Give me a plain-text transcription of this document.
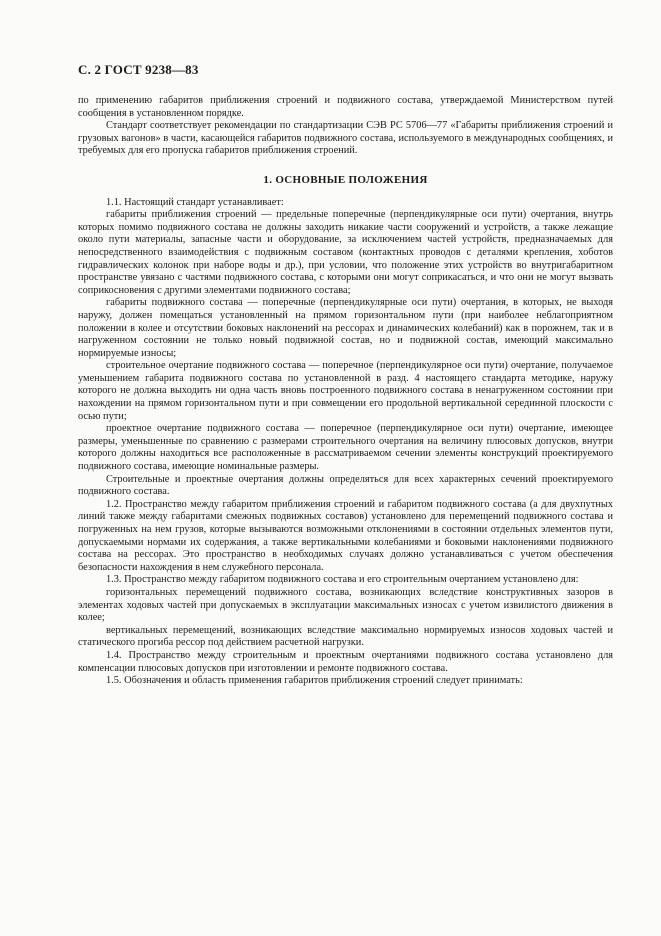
С. 2 ГОСТ 9238—83

по применению габаритов приближения строений и подвижного состава, утверждаемой Министерством путей сообщения в установленном порядке.

Стандарт соответствует рекомендации по стандартизации СЭВ РС 5706—77 «Габариты приближения строений и грузовых вагонов» в части, касающейся габаритов подвижного состава, используемого в международных сообщениях, и требуемых для его пропуска габаритов приближения строений.

1. ОСНОВНЫЕ ПОЛОЖЕНИЯ

1.1. Настоящий стандарт устанавливает:

габариты приближения строений — предельные поперечные (перпендикулярные оси пути) очертания, внутрь которых помимо подвижного состава не должны заходить никакие части сооружений и устройств, а также лежащие около пути материалы, запасные части и оборудование, за исключением частей устройств, предназначаемых для непосредственного взаимодействия с подвижным составом (контактных проводов с деталями крепления, хоботов гидравлических колонок при наборе воды и др.), при условии, что положение этих устройств во внутригабаритном пространстве увязано с частями подвижного состава, с которыми они могут соприкасаться, и что они не могут вызвать соприкосновения с другими элементами подвижного состава;

габариты подвижного состава — поперечные (перпендикулярные оси пути) очертания, в которых, не выходя наружу, должен помещаться установленный на прямом горизонтальном пути (при наиболее неблагоприятном положении в колее и отсутствии боковых наклонений на рессорах и динамических колебаний) как в порожнем, так и в нагруженном состоянии не только новый подвижной состав, но и подвижной состав, имеющий максимально нормируемые износы;

строительное очертание подвижного состава — поперечное (перпендикулярное оси пути) очертание, получаемое уменьшением габарита подвижного состава по установленной в разд. 4 настоящего стандарта методике, наружу которого не должна выходить ни одна часть вновь построенного подвижного состава в ненагруженном состоянии при нахождении на прямом горизонтальном пути и при совмещении его продольной вертикальной серединной плоскости с осью пути;

проектное очертание подвижного состава — поперечное (перпендикулярное оси пути) очертание, имеющее размеры, уменьшенные по сравнению с размерами строительного очертания на величину плюсовых допусков, внутри которого должны находиться все расположенные в рассматриваемом сечении элементы конструкций проектируемого подвижного состава, имеющие номинальные размеры.

Строительные и проектные очертания должны определяться для всех характерных сечений проектируемого подвижного состава.

1.2. Пространство между габаритом приближения строений и габаритом подвижного состава (а для двухпутных линий также между габаритами смежных подвижных составов) установлено для перемещений подвижного состава и погруженных на нем грузов, которые вызываются возможными отклонениями в состоянии отдельных элементов пути, допускаемыми нормами их содержания, а также вертикальными колебаниями и боковыми наклонениями подвижного состава на рессорах. Это пространство в необходимых случаях должно устанавливаться с учетом обеспечения безопасности нахождения в нем служебного персонала.

1.3. Пространство между габаритом подвижного состава и его строительным очертанием установлено для:

горизонтальных перемещений подвижного состава, возникающих вследствие конструктивных зазоров в элементах ходовых частей при допускаемых в эксплуатации максимальных износах с учетом извилистого движения в колее;

вертикальных перемещений, возникающих вследствие максимально нормируемых износов ходовых частей и статического прогиба рессор под действием расчетной нагрузки.

1.4. Пространство между строительным и проектным очертаниями подвижного состава установлено для компенсации плюсовых допусков при изготовлении и ремонте подвижного состава.

1.5. Обозначения и область применения габаритов приближения строений следует принимать:
